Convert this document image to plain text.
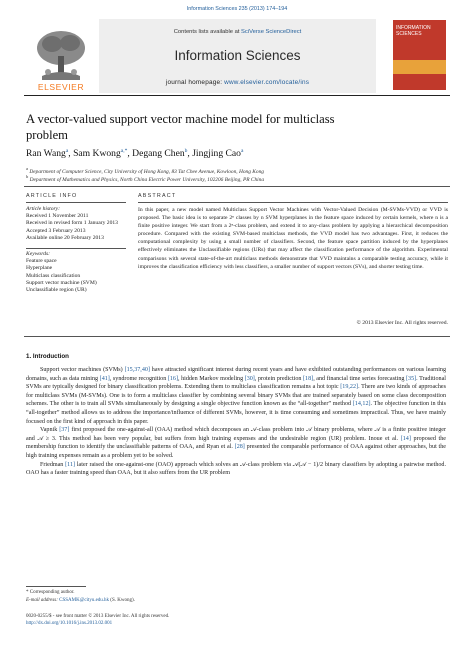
Information Sciences 235 (2013) 174–194
ELSEVIER
Contents lists available at SciVerse ScienceDirect
Information Sciences
journal homepage: www.elsevier.com/locate/ins
INFORMATION SCIENCES
A vector-valued support vector machine model for multiclass
problem
Ran Wang$^a$, Sam Kwong$^{a,*}$, Degang Chen$^b$, Jingjing Cao$^a$
$^a$ Department of Computer Science, City University of Hong Kong, 83 Tat Chee Avenue, Kowloon, Hong Kong
$^b$ Department of Mathematics and Physics, North China Electric Power University, 102206 Beijing, PR China
ARTICLE INFO
Article history:
Received 1 November 2011
Received in revised form 1 January 2013
Accepted 3 February 2013
Available online 20 February 2013
Keywords:
Feature space
Hyperplane
Multiclass classification
Support vector machine (SVM)
Unclassifiable region (UR)
ABSTRACT
In this paper, a new model named Multiclass Support Vector Machines with Vector-Valued Decision (M-SVMs-VVD) or VVD is proposed. The basic idea is to separate 2ⁿ classes by n SVM hyperplanes in the feature space induced by certain kernels, where n is a finite positive integer. We start from a 2ⁿ-class problem, and extend it to any-class problem by applying a hierarchical decomposition procedure. Compared with the existing SVM-based multiclass methods, the VVD model has two advantages. First, it reduces the computational complexity by using a small number of classifiers. Second, the feature space partition induced by the hyperplanes effectively eliminates the Unclassifiable regions (URs) that may affect the classification performance of the algorithm. Experimental comparisons with several state-of-the-art multiclass methods demonstrate that VVD maintains a comparable testing accuracy, while it improves the classification efficiency with less classifiers, a smaller number of support vectors (SVs), and shorter testing time.
© 2013 Elsevier Inc. All rights reserved.
1. Introduction

Support vector machines (SVMs) [15,37,40] have attracted significant interest during recent years and have exhibited outstanding performances on various learning domains, such as data mining [41], syndrome recognition [16], hidden Markov modeling [30], protein prediction [18], and financial time series forecasting [35]. Traditional SVMs are typically designed for binary classification problems. Extending them to multiclass classification remains a hot topic [19,22]. There are two kinds of approaches for multiclass SVMs (M-SVMs). One is to form a multiclass classifier by combining several binary SVMs that are trained separately based on some class decomposition schemes. The other is to train all SVMs simultaneously by designing a single objective function known as the “all-together” method [14,12]. The objective function in this “all-together” method allows us to address the importance/influence of different SVMs, however, it is time consuming and sometimes impractical. Thus, we have mainly focused on the first kind of approach in this paper.

Vapnik [37] first proposed the one-against-all (OAA) method which decomposes an 𝒜-class problem into 𝒜 binary problems, where 𝒜 is a finite positive integer and 𝒜 ≥ 3. This method has been very popular, but suffers from high training expenses and the undesirable region (UR) problem. Inoue et al. [14] proposed the membership function to identify the unclassifiable patterns of OAA, and Ryan et al. [28] presented the comparable performance of OAA against other approaches, but the high training expenses remain as a problem yet to be solved.

Friedman [11] later raised the one-against-one (OAO) approach which solves an 𝒜-class problem via 𝒜(𝒜 − 1)/2 binary classifiers by adopting a pairwise method. OAO has a faster training speed than OAA, but it also suffers from the UR problem

* Corresponding author.
E-mail address: CSSAMK@cityu.edu.hk (S. Kwong).
0020-0255/$ - see front matter © 2013 Elsevier Inc. All rights reserved.
http://dx.doi.org/10.1016/j.ins.2013.02.001
